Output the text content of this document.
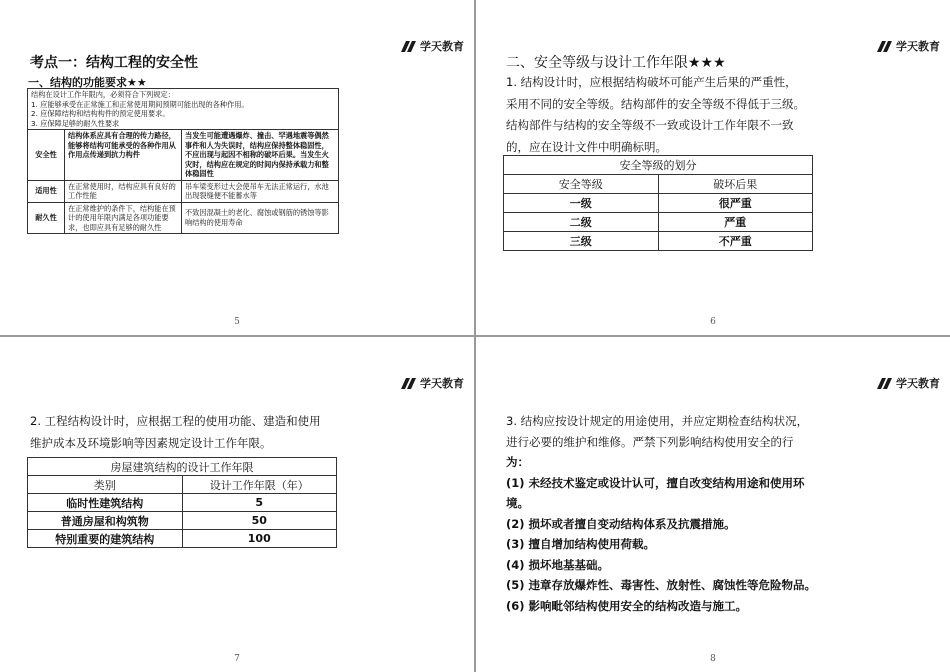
学天教育
考点一：结构工程的安全性
一、结构的功能要求★★
结构在设计工作年限内，必须符合下列规定：
1. 应能够承受在正常施工和正常使用期间预期可能出现的各种作用。
2. 应保障结构和结构构件的预定使用要求。
3. 应保障足够的耐久性要求		

安全性	结构体系应具有合理的传力路径，能够将结构可能承受的各种作用从作用点传递到抗力构件	当发生可能遭遇爆炸、撞击、罕遇地震等偶然事件和人为失误时，结构应保持整体稳固性，不应出现与起因不相称的破坏后果。当发生火灾时，结构应在规定的时间内保持承载力和整体稳固性
适用性	在正常使用时，结构应具有良好的工作性能	吊车梁变形过大会使吊车无法正常运行，水池出现裂缝便不能蓄水等
耐久性	在正常维护的条件下，结构能在预计的使用年限内满足各项功能要求，也即应具有足够的耐久性	不致因混凝土的老化、腐蚀或钢筋的锈蚀等影响结构的使用寿命
5
学天教育
二、安全等级与设计工作年限★★★
1. 结构设计时，应根据结构破坏可能产生后果的严重性，
采用不同的安全等级。结构部件的安全等级不得低于三级。
结构部件与结构的安全等级不一致或设计工作年限不一致
的，应在设计文件中明确标明。
安全等级的划分	
安全等级	破坏后果
一级	很严重
二级	严重
三级	不严重
6
学天教育
2. 工程结构设计时，应根据工程的使用功能、建造和使用
维护成本及环境影响等因素规定设计工作年限。
房屋建筑结构的设计工作年限	
类别	设计工作年限（年）
临时性建筑结构	5
普通房屋和构筑物	50
特别重要的建筑结构	100
7
学天教育
3. 结构应按设计规定的用途使用，并应定期检查结构状况，
进行必要的维护和维修。严禁下列影响结构使用安全的行
为：
(1) 未经技术鉴定或设计认可，擅自改变结构用途和使用环
境。
(2) 损坏或者擅自变动结构体系及抗震措施。
(3) 擅自增加结构使用荷载。
(4) 损坏地基基础。
(5) 违章存放爆炸性、毒害性、放射性、腐蚀性等危险物品。
(6) 影响毗邻结构使用安全的结构改造与施工。
8
